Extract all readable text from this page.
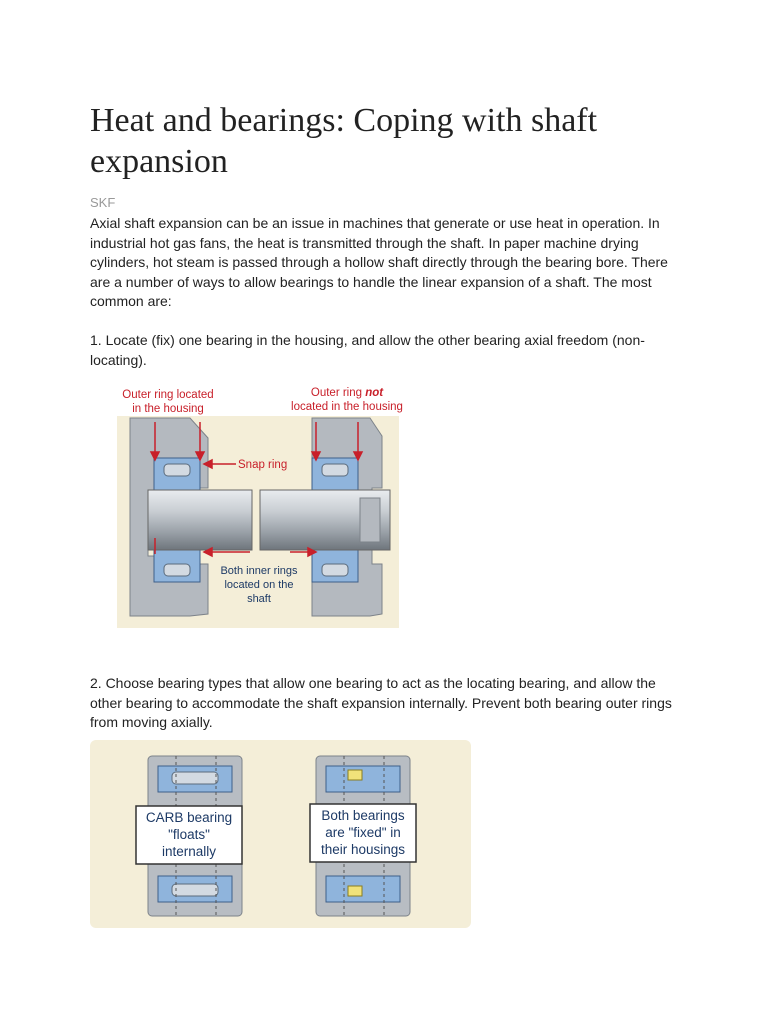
Heat and bearings: Coping with shaft expansion
SKF

Axial shaft expansion can be an issue in machines that generate or use heat in operation. In industrial hot gas fans, the heat is transmitted through the shaft. In paper machine drying cylinders, hot steam is passed through a hollow shaft directly through the bearing bore. There are a number of ways to allow bearings to handle the linear expansion of a shaft. The most common are:

1. Locate (fix) one bearing in the housing, and allow the other bearing axial freedom (non-locating).

Outer ring located
in the housing
Outer ring not
located in the housing
Snap ring
Both inner rings
located on the
shaft

2. Choose bearing types that allow one bearing to act as the locating bearing, and allow the other bearing to accommodate the shaft expansion internally. Prevent both bearing outer rings from moving axially.

CARB bearing
"floats"
internally
Both bearings
are "fixed" in
their housings
